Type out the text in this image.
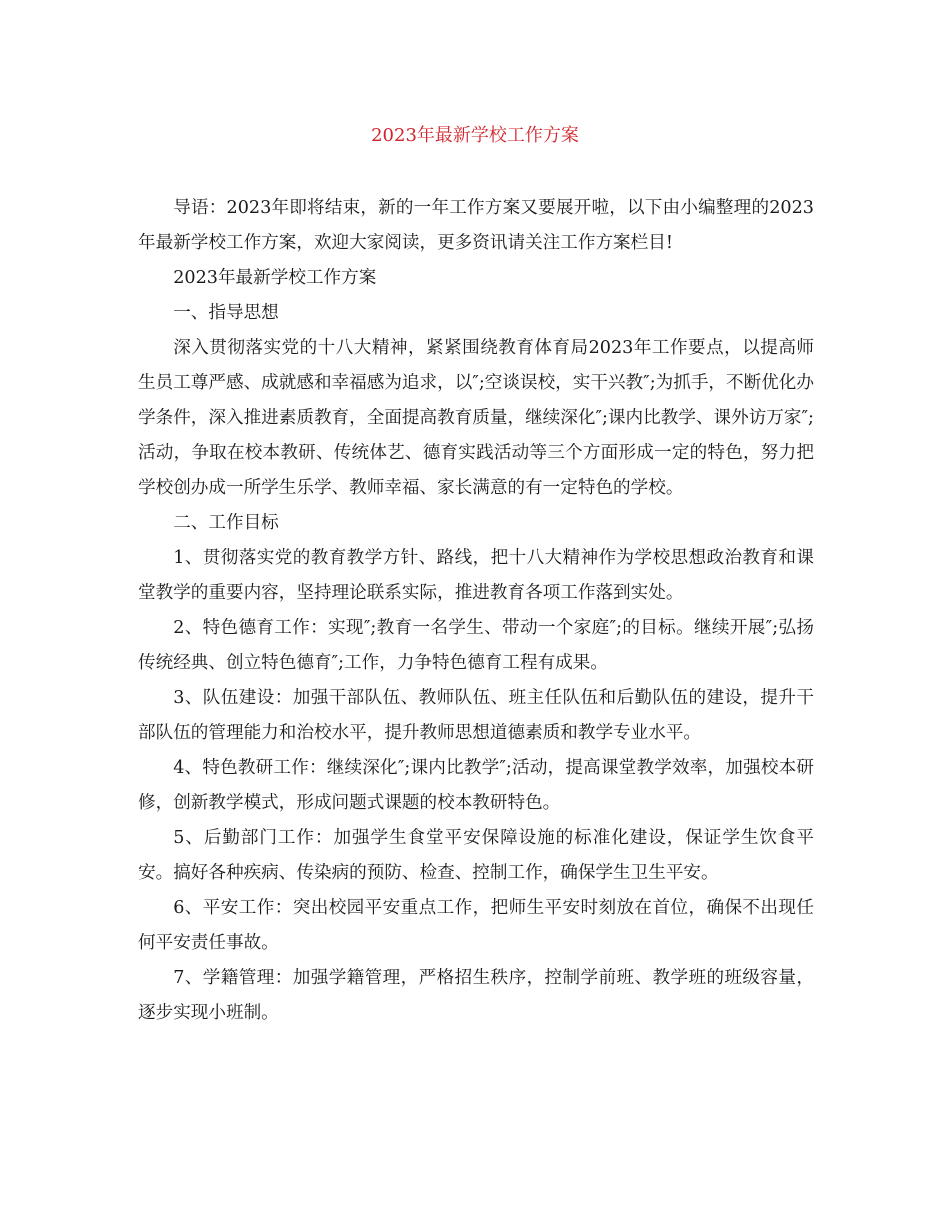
2023年最新学校工作方案

导语：2023年即将结束，新的一年工作方案又要展开啦，以下由小编整理的2023年最新学校工作方案，欢迎大家阅读，更多资讯请关注工作方案栏目!

2023年最新学校工作方案

一、指导思想

深入贯彻落实党的十八大精神，紧紧围绕教育体育局2023年工作要点，以提高师生员工尊严感、成就感和幸福感为追求，以″;空谈误校，实干兴教″;为抓手，不断优化办学条件，深入推进素质教育，全面提高教育质量，继续深化″;课内比教学、课外访万家″;活动，争取在校本教研、传统体艺、德育实践活动等三个方面形成一定的特色，努力把学校创办成一所学生乐学、教师幸福、家长满意的有一定特色的学校。

二、工作目标

1、贯彻落实党的教育教学方针、路线，把十八大精神作为学校思想政治教育和课堂教学的重要内容，坚持理论联系实际，推进教育各项工作落到实处。

2、特色德育工作：实现″;教育一名学生、带动一个家庭″;的目标。继续开展″;弘扬传统经典、创立特色德育″;工作，力争特色德育工程有成果。

3、队伍建设：加强干部队伍、教师队伍、班主任队伍和后勤队伍的建设，提升干部队伍的管理能力和治校水平，提升教师思想道德素质和教学专业水平。

4、特色教研工作：继续深化″;课内比教学″;活动，提高课堂教学效率，加强校本研修，创新教学模式，形成问题式课题的校本教研特色。

5、后勤部门工作：加强学生食堂平安保障设施的标准化建设，保证学生饮食平安。搞好各种疾病、传染病的预防、检查、控制工作，确保学生卫生平安。

6、平安工作：突出校园平安重点工作，把师生平安时刻放在首位，确保不出现任何平安责任事故。

7、学籍管理：加强学籍管理，严格招生秩序，控制学前班、教学班的班级容量，逐步实现小班制。
